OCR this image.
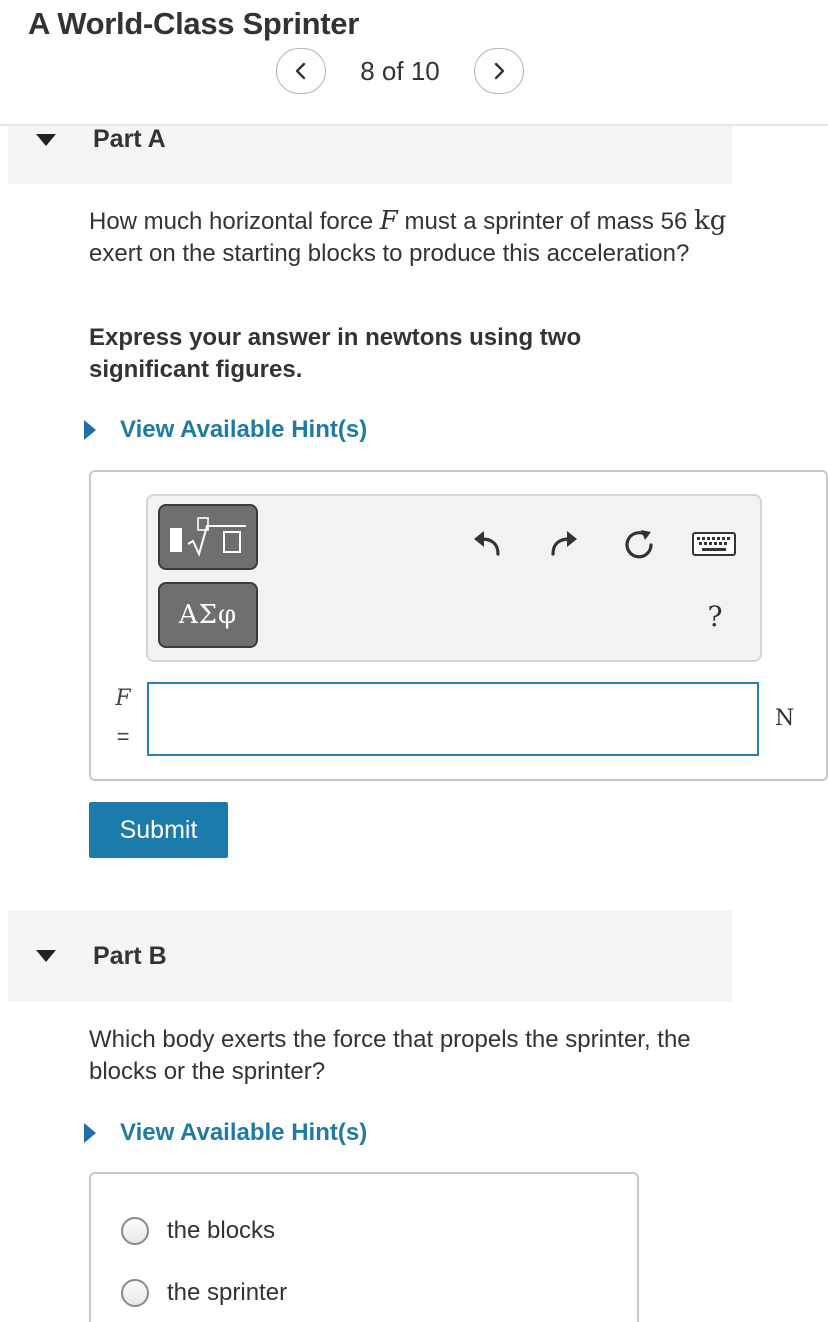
A World-Class Sprinter
8 of 10
Part A
How much horizontal force F must a sprinter of mass 56 kg exert on the starting blocks to produce this acceleration?
Express your answer in newtons using two significant figures.
View Available Hint(s)
ΑΣφ	?
F
=
N
Submit
Part B
Which body exerts the force that propels the sprinter, the blocks or the sprinter?
View Available Hint(s)
the blocks
the sprinter
